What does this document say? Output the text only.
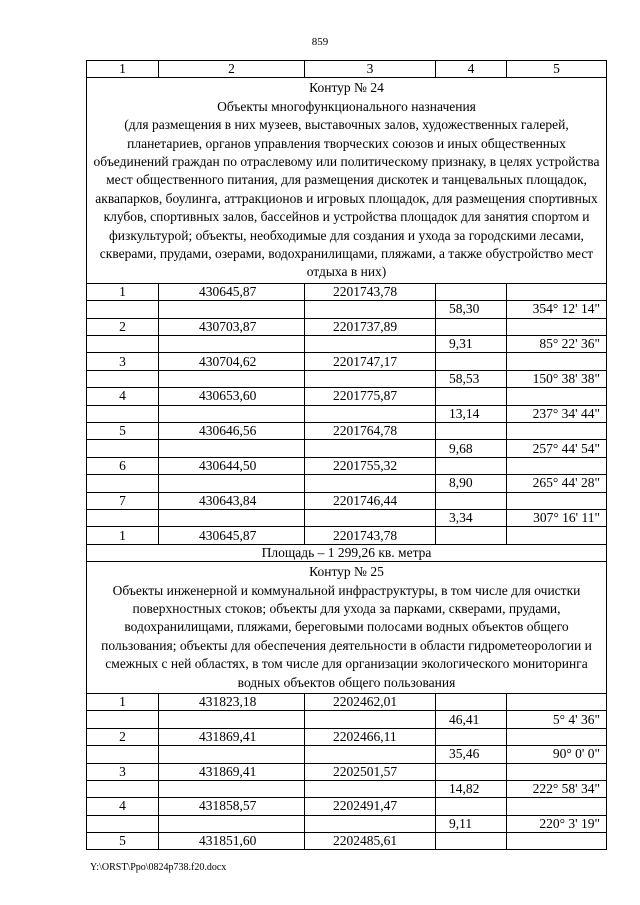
859
1	2	3	4	5

Контур № 24
Объекты многофункционального назначения
(для размещения в них музеев, выставочных залов, художественных галерей, планетариев, органов управления творческих союзов и иных общественных объединений граждан по отраслевому или политическому признаку, в целях устройства мест общественного питания, для размещения дискотек и танцевальных площадок, аквапарков, боулинга, аттракционов и игровых площадок, для размещения спортивных клубов, спортивных залов, бассейнов и устройства площадок для занятия спортом и физкультурой; объекты, необходимые для создания и ухода за городскими лесами, скверами, прудами, озерами, водохранилищами, пляжами, а также обустройство мест отдыха в них)				

1	430645,87	2201743,78		
			58,30	354° 12' 14"
2	430703,87	2201737,89		
			9,31	85° 22' 36"
3	430704,62	2201747,17		
			58,53	150° 38' 38"
4	430653,60	2201775,87		
			13,14	237° 34' 44"
5	430646,56	2201764,78		
			9,68	257° 44' 54"
6	430644,50	2201755,32		
			8,90	265° 44' 28"
7	430643,84	2201746,44		
			3,34	307° 16' 11"
1	430645,87	2201743,78		
Площадь – 1 299,26 кв. метра				

Контур № 25
Объекты инженерной и коммунальной инфраструктуры, в том числе для очистки поверхностных стоков; объекты для ухода за парками, скверами, прудами, водохранилищами, пляжами, береговыми полосами водных объектов общего пользования; объекты для обеспечения деятельности в области гидрометеорологии и смежных с ней областях, в том числе для организации экологического мониторинга водных объектов общего пользования				

1	431823,18	2202462,01		
			46,41	5° 4' 36"
2	431869,41	2202466,11		
			35,46	90° 0' 0"
3	431869,41	2202501,57		
			14,82	222° 58' 34"
4	431858,57	2202491,47		
			9,11	220° 3' 19"
5	431851,60	2202485,61		
Y:\ORST\Ppo\0824p738.f20.docx
